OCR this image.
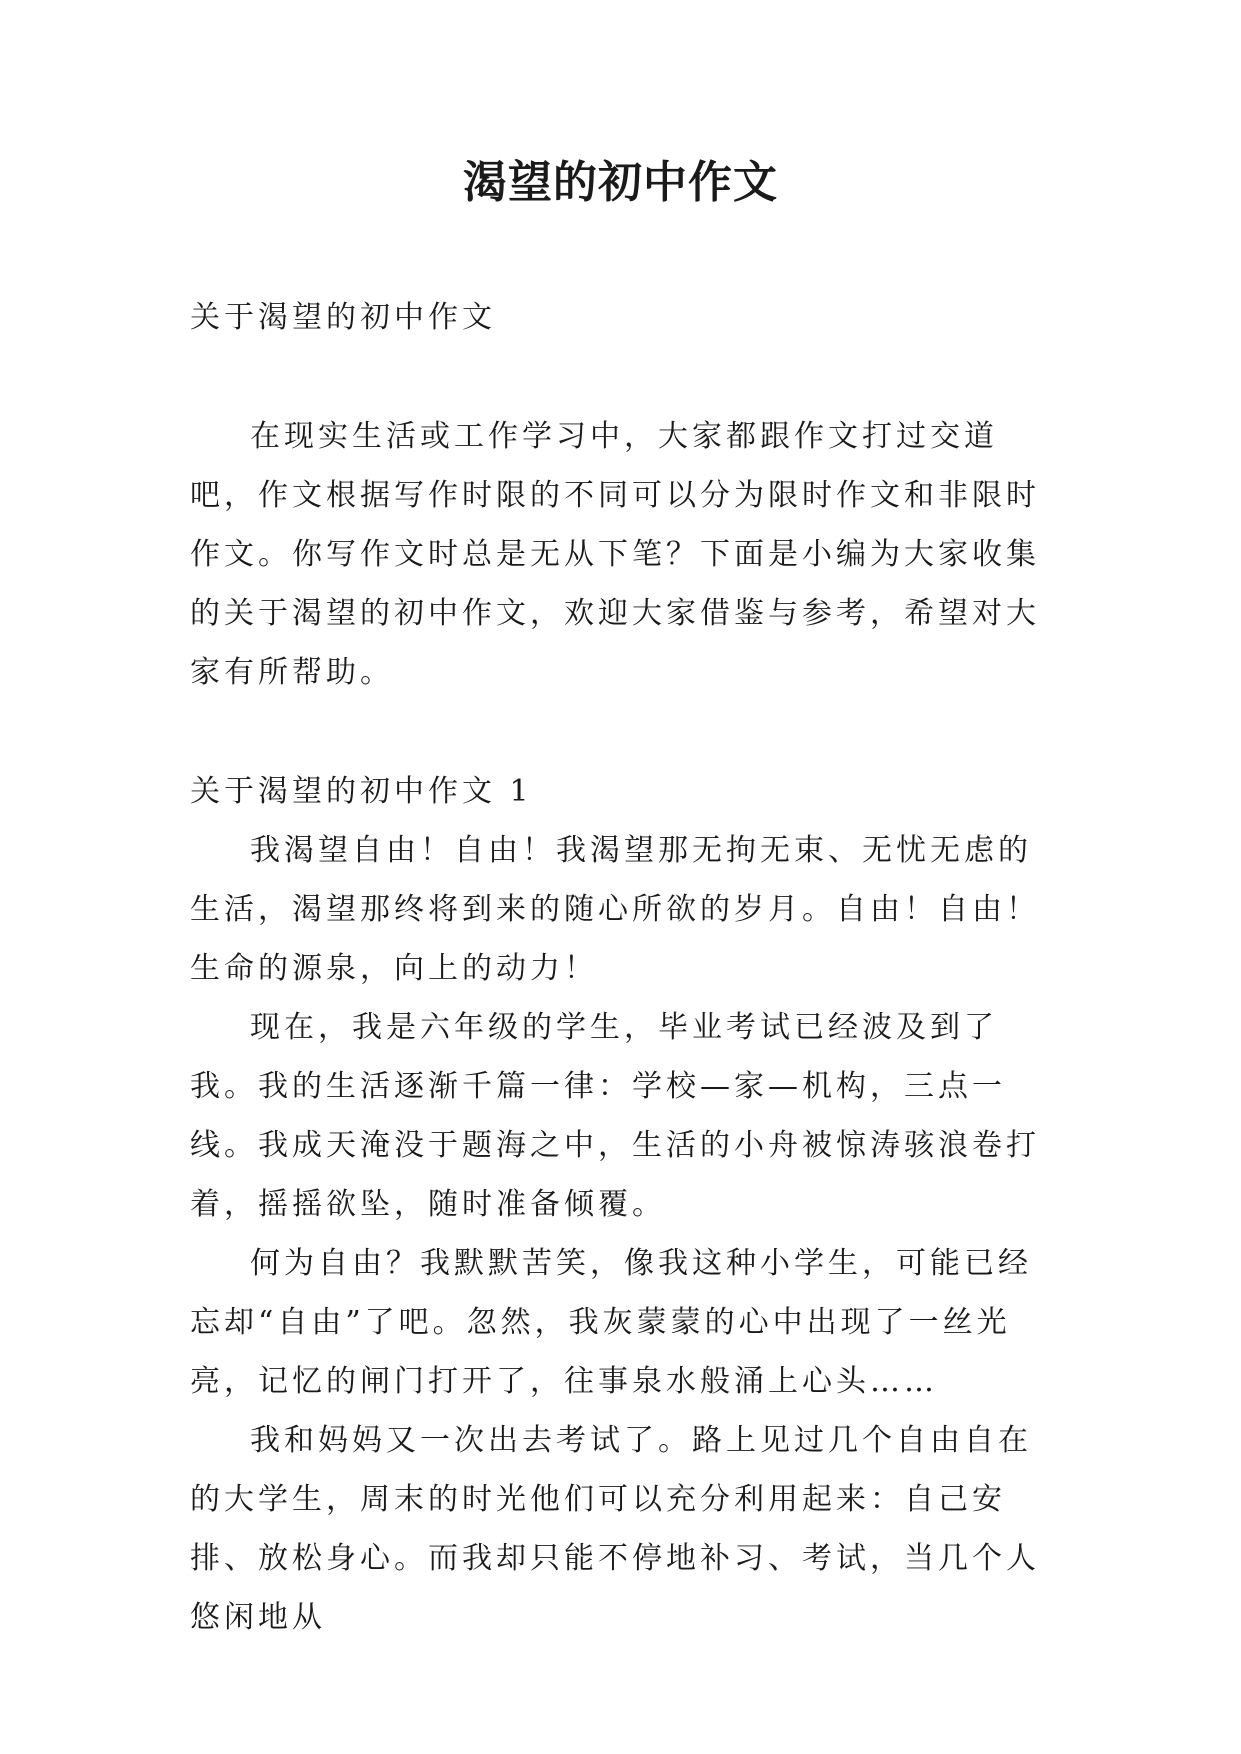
渴望的初中作文

关于渴望的初中作文

在现实生活或工作学习中，大家都跟作文打过交道吧，作文根据写作时限的不同可以分为限时作文和非限时作文。你写作文时总是无从下笔？下面是小编为大家收集的关于渴望的初中作文，欢迎大家借鉴与参考，希望对大家有所帮助。

关于渴望的初中作文 1

我渴望自由！自由！我渴望那无拘无束、无忧无虑的生活，渴望那终将到来的随心所欲的岁月。自由！自由！生命的源泉，向上的动力！

现在，我是六年级的学生，毕业考试已经波及到了我。我的生活逐渐千篇一律：学校—家—机构，三点一线。我成天淹没于题海之中，生活的小舟被惊涛骇浪卷打着，摇摇欲坠，随时准备倾覆。

何为自由？我默默苦笑，像我这种小学生，可能已经忘却“自由”了吧。忽然，我灰蒙蒙的心中出现了一丝光亮，记忆的闸门打开了，往事泉水般涌上心头……

我和妈妈又一次出去考试了。路上见过几个自由自在的大学生，周末的时光他们可以充分利用起来：自己安排、放松身心。而我却只能不停地补习、考试，当几个人悠闲地从
